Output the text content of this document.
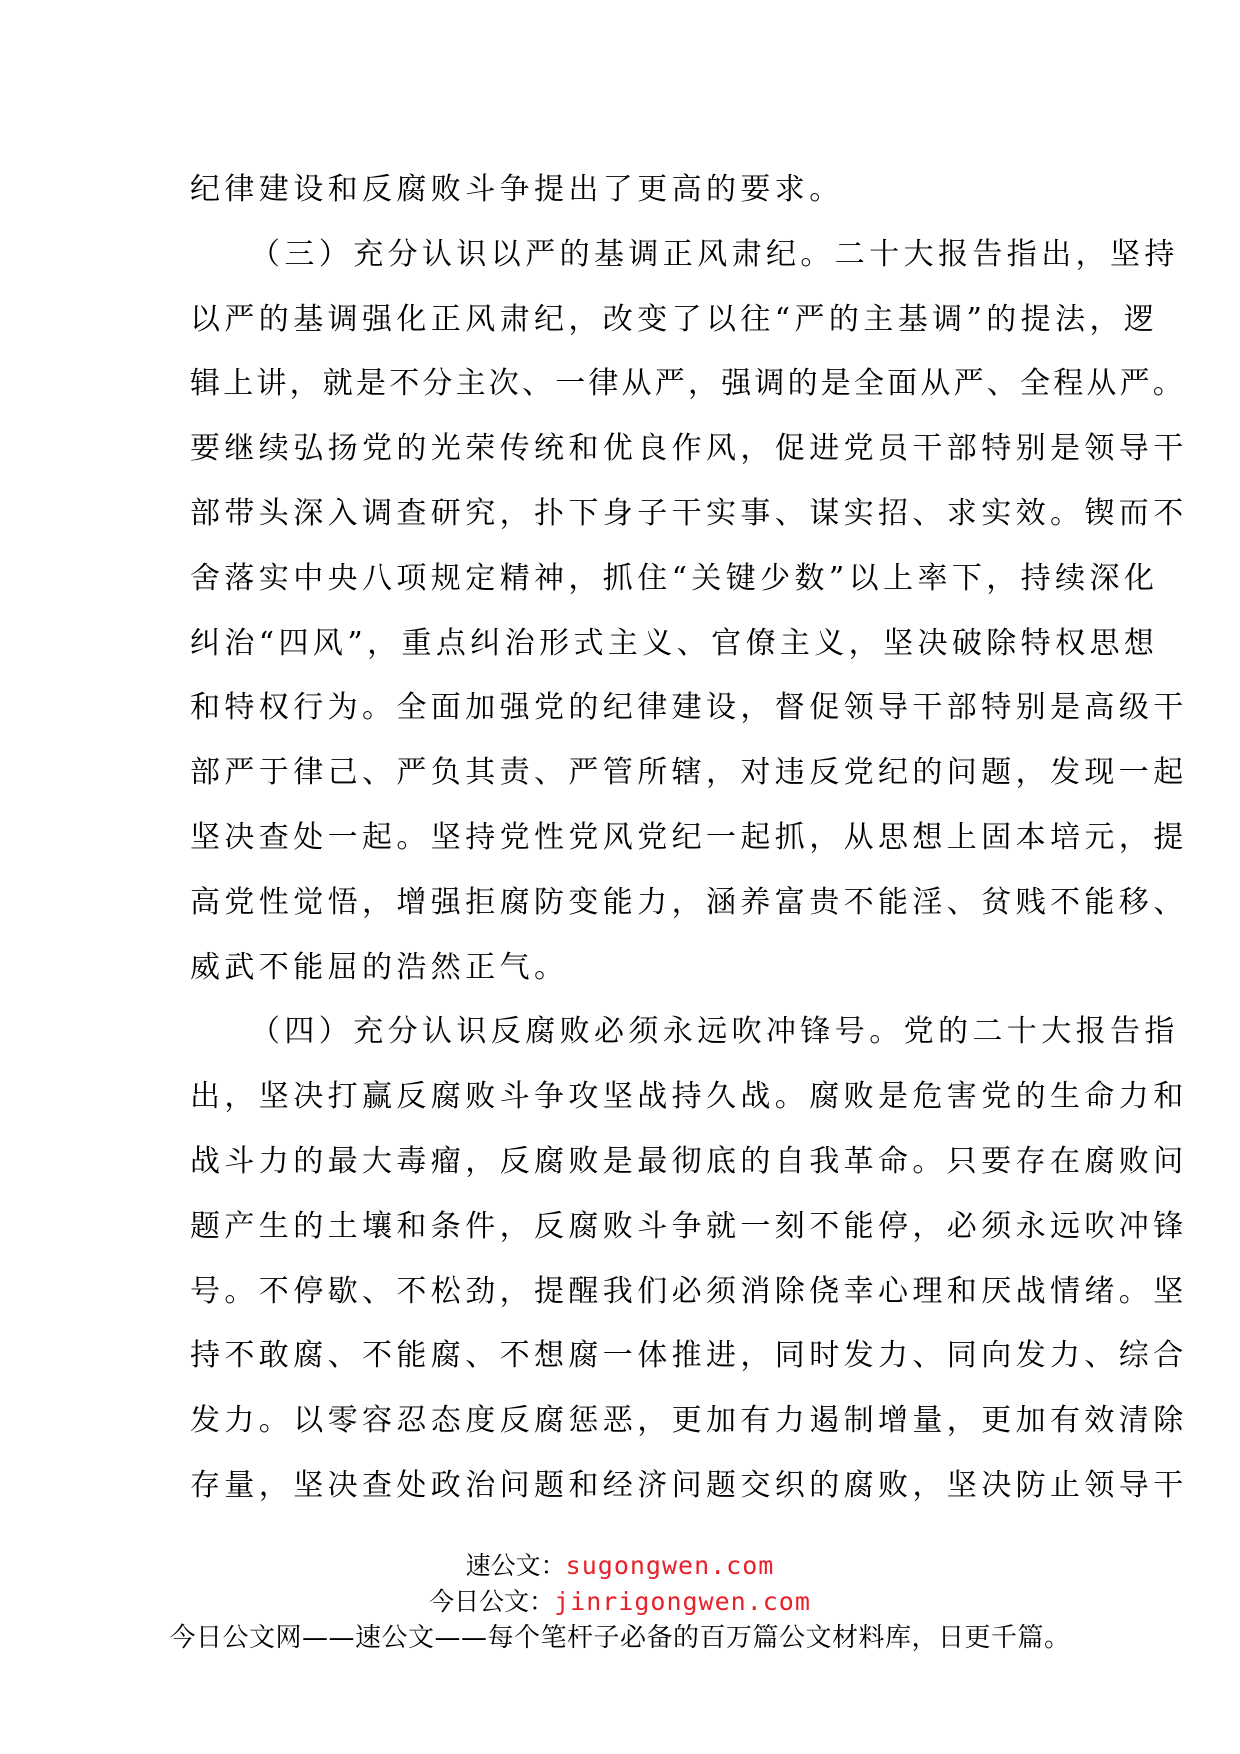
纪律建设和反腐败斗争提出了更高的要求。
（三）充分认识以严的基调正风肃纪。二十大报告指出，坚持
以严的基调强化正风肃纪，改变了以往“严的主基调”的提法，逻
辑上讲，就是不分主次、一律从严，强调的是全面从严、全程从严。
要继续弘扬党的光荣传统和优良作风，促进党员干部特别是领导干
部带头深入调查研究，扑下身子干实事、谋实招、求实效。锲而不
舍落实中央八项规定精神，抓住“关键少数”以上率下，持续深化
纠治“四风”，重点纠治形式主义、官僚主义，坚决破除特权思想
和特权行为。全面加强党的纪律建设，督促领导干部特别是高级干
部严于律己、严负其责、严管所辖，对违反党纪的问题，发现一起
坚决查处一起。坚持党性党风党纪一起抓，从思想上固本培元，提
高党性觉悟，增强拒腐防变能力，涵养富贵不能淫、贫贱不能移、
威武不能屈的浩然正气。
（四）充分认识反腐败必须永远吹冲锋号。党的二十大报告指
出，坚决打赢反腐败斗争攻坚战持久战。腐败是危害党的生命力和
战斗力的最大毒瘤，反腐败是最彻底的自我革命。只要存在腐败问
题产生的土壤和条件，反腐败斗争就一刻不能停，必须永远吹冲锋
号。不停歇、不松劲，提醒我们必须消除侥幸心理和厌战情绪。坚
持不敢腐、不能腐、不想腐一体推进，同时发力、同向发力、综合
发力。以零容忍态度反腐惩恶，更加有力遏制增量，更加有效清除
存量，坚决查处政治问题和经济问题交织的腐败，坚决防止领导干
速公文：sugongwen.com
今日公文：jinrigongwen.com
今日公文网——速公文——每个笔杆子必备的百万篇公文材料库，日更千篇。
